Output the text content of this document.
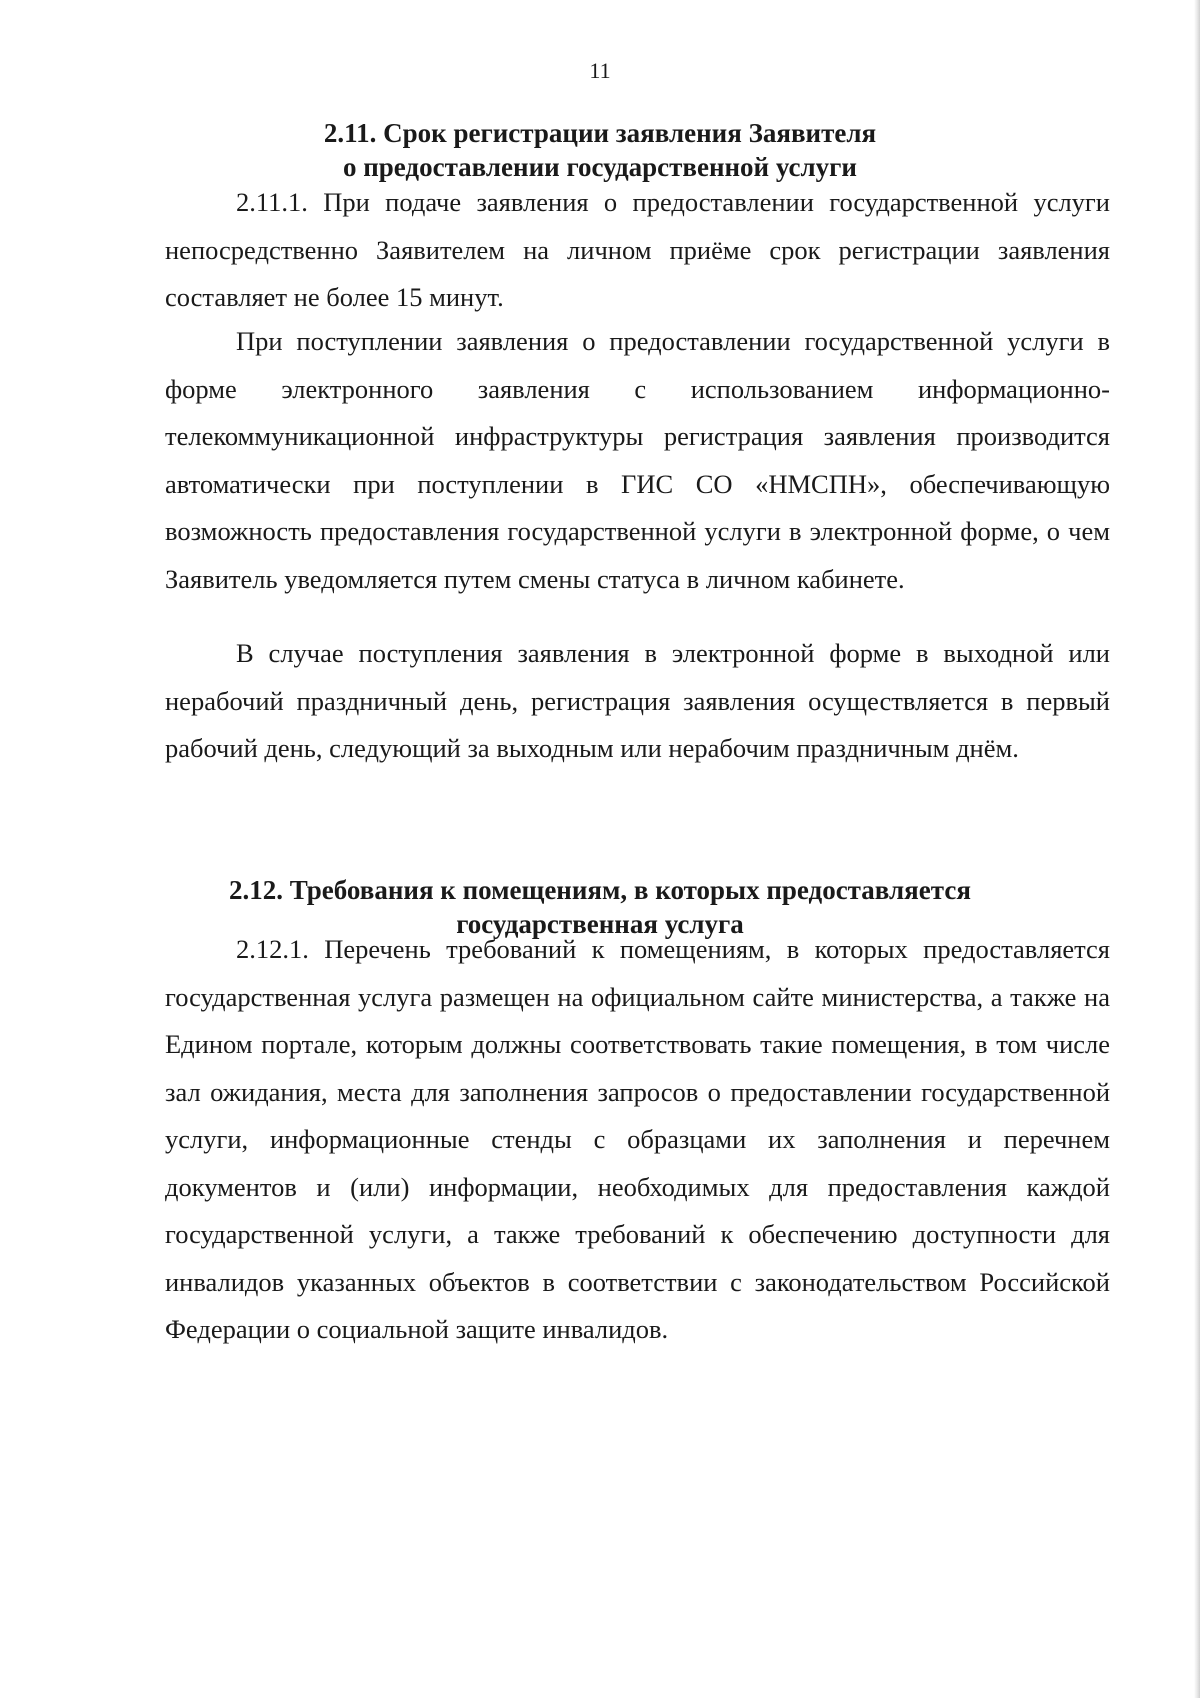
11
2.11. Срок регистрации заявления Заявителя
о предоставлении государственной услуги

2.11.1. При подаче заявления о предоставлении государственной услуги непосредственно Заявителем на личном приёме срок регистрации заявления составляет не более 15 минут.

При поступлении заявления о предоставлении государственной услуги в форме электронного заявления с использованием информационно-телекоммуникационной инфраструктуры регистрация заявления производится автоматически при поступлении в ГИС СО «НМСПН», обеспечивающую возможность предоставления государственной услуги в электронной форме, о чем Заявитель уведомляется путем смены статуса в личном кабинете.

В случае поступления заявления в электронной форме в выходной или нерабочий праздничный день, регистрация заявления осуществляется в первый рабочий день, следующий за выходным или нерабочим праздничным днём.

2.12. Требования к помещениям, в которых предоставляется
государственная услуга

2.12.1. Перечень требований к помещениям, в которых предоставляется государственная услуга размещен на официальном сайте министерства, а также на Едином портале, которым должны соответствовать такие помещения, в том числе зал ожидания, места для заполнения запросов о предоставлении государственной услуги, информационные стенды с образцами их заполнения и перечнем документов и (или) информации, необходимых для предоставления каждой государственной услуги, а также требований к обеспечению доступности для инвалидов указанных объектов в соответствии с законодательством Российской Федерации о социальной защите инвалидов.
